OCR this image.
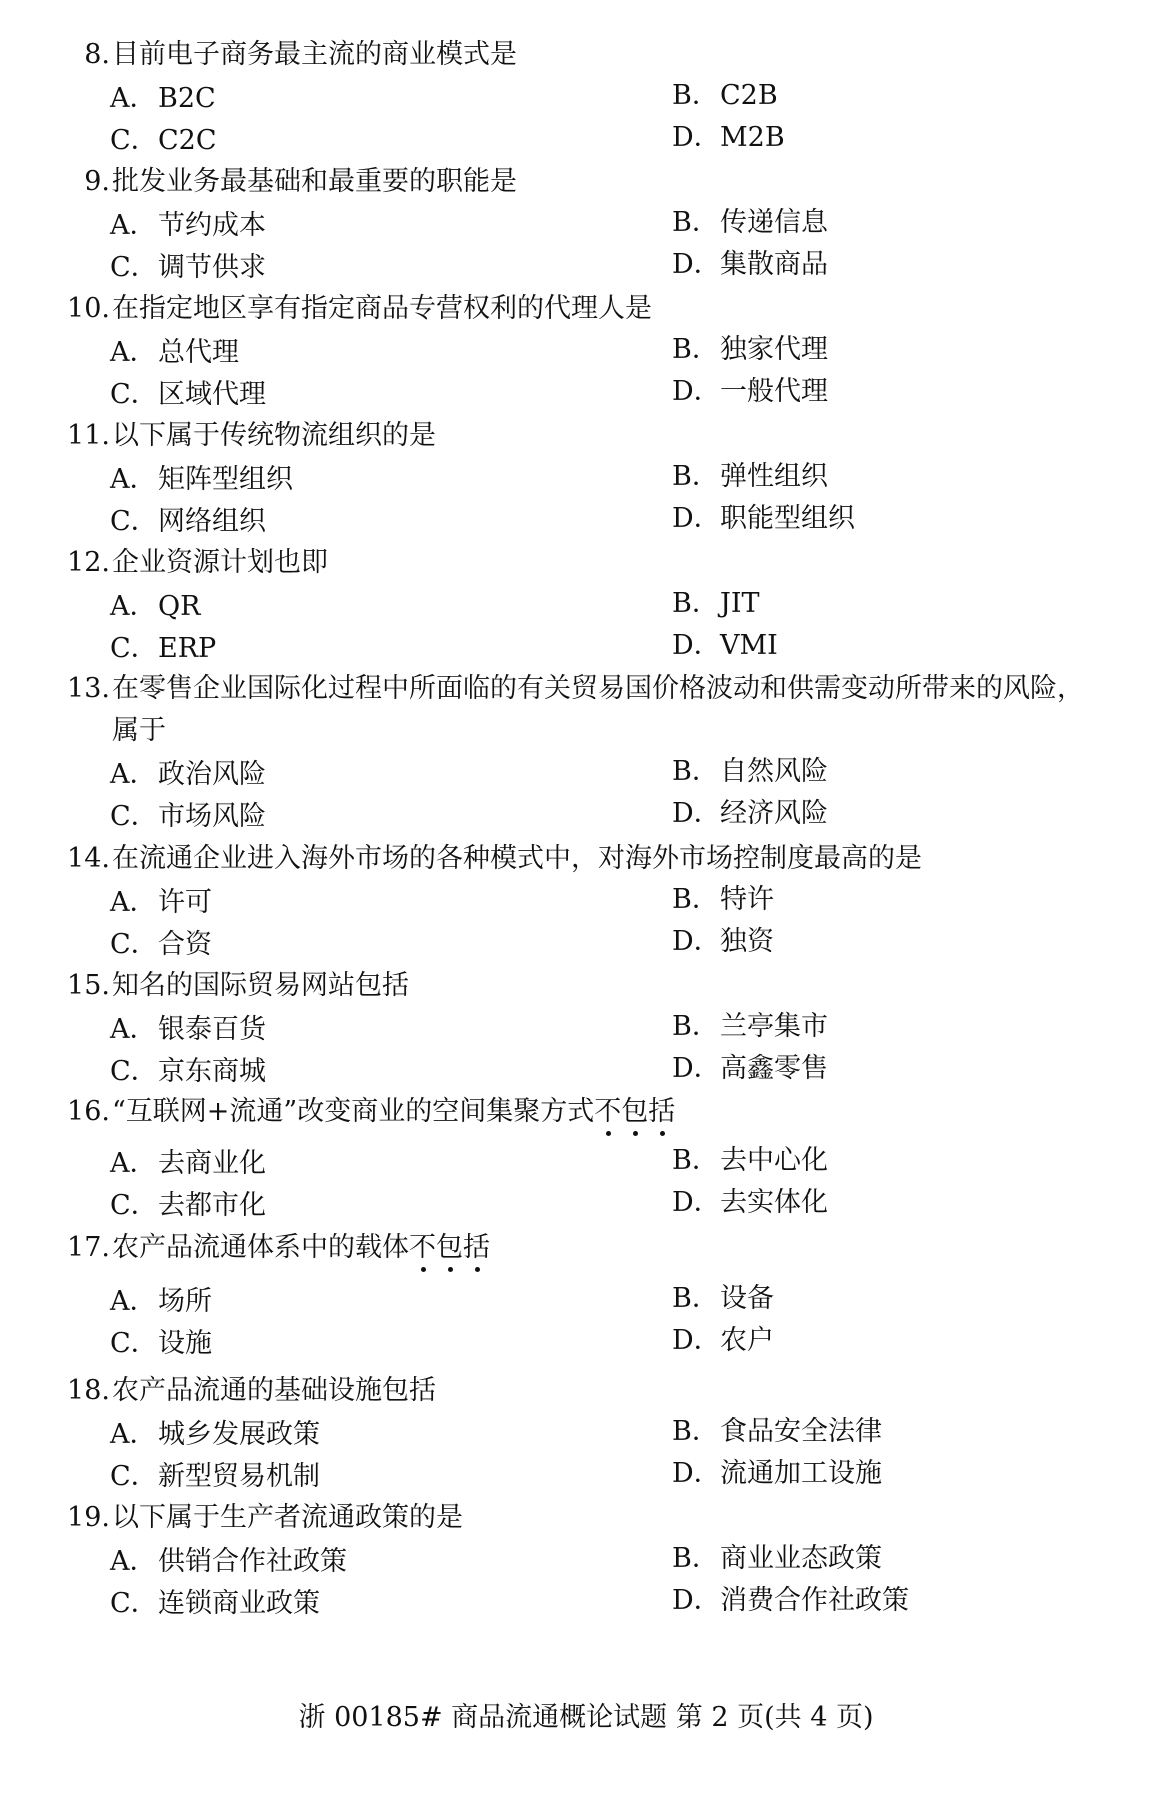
8. 目前电子商务最主流的商业模式是
A．B2C	B．C2B
C．C2C	D．M2B
9. 批发业务最基础和最重要的职能是
A．节约成本	B．传递信息
C．调节供求	D．集散商品
10. 在指定地区享有指定商品专营权利的代理人是
A．总代理	B．独家代理
C．区域代理	D．一般代理
11. 以下属于传统物流组织的是
A．矩阵型组织	B．弹性组织
C．网络组织	D．职能型组织
12. 企业资源计划也即
A．QR	B．JIT
C．ERP	D．VMI
13. 在零售企业国际化过程中所面临的有关贸易国价格波动和供需变动所带来的风险，
属于
A．政治风险	B．自然风险
C．市场风险	D．经济风险
14. 在流通企业进入海外市场的各种模式中，对海外市场控制度最高的是
A．许可	B．特许
C．合资	D．独资
15. 知名的国际贸易网站包括
A．银泰百货	B．兰亭集市
C．京东商城	D．高鑫零售
16. “互联网+流通”改变商业的空间集聚方式不
包
括
A．去商业化	B．去中心化
C．去都市化	D．去实体化
17. 农产品流通体系中的载体不
包
括
A．场所	B．设备
C．设施	D．农户
18. 农产品流通的基础设施包括
A．城乡发展政策	B．食品安全法律
C．新型贸易机制	D．流通加工设施
19. 以下属于生产者流通政策的是
A．供销合作社政策	B．商业业态政策
C．连锁商业政策	D．消费合作社政策
浙 00185# 商品流通概论试题 第 2 页(共 4 页)
